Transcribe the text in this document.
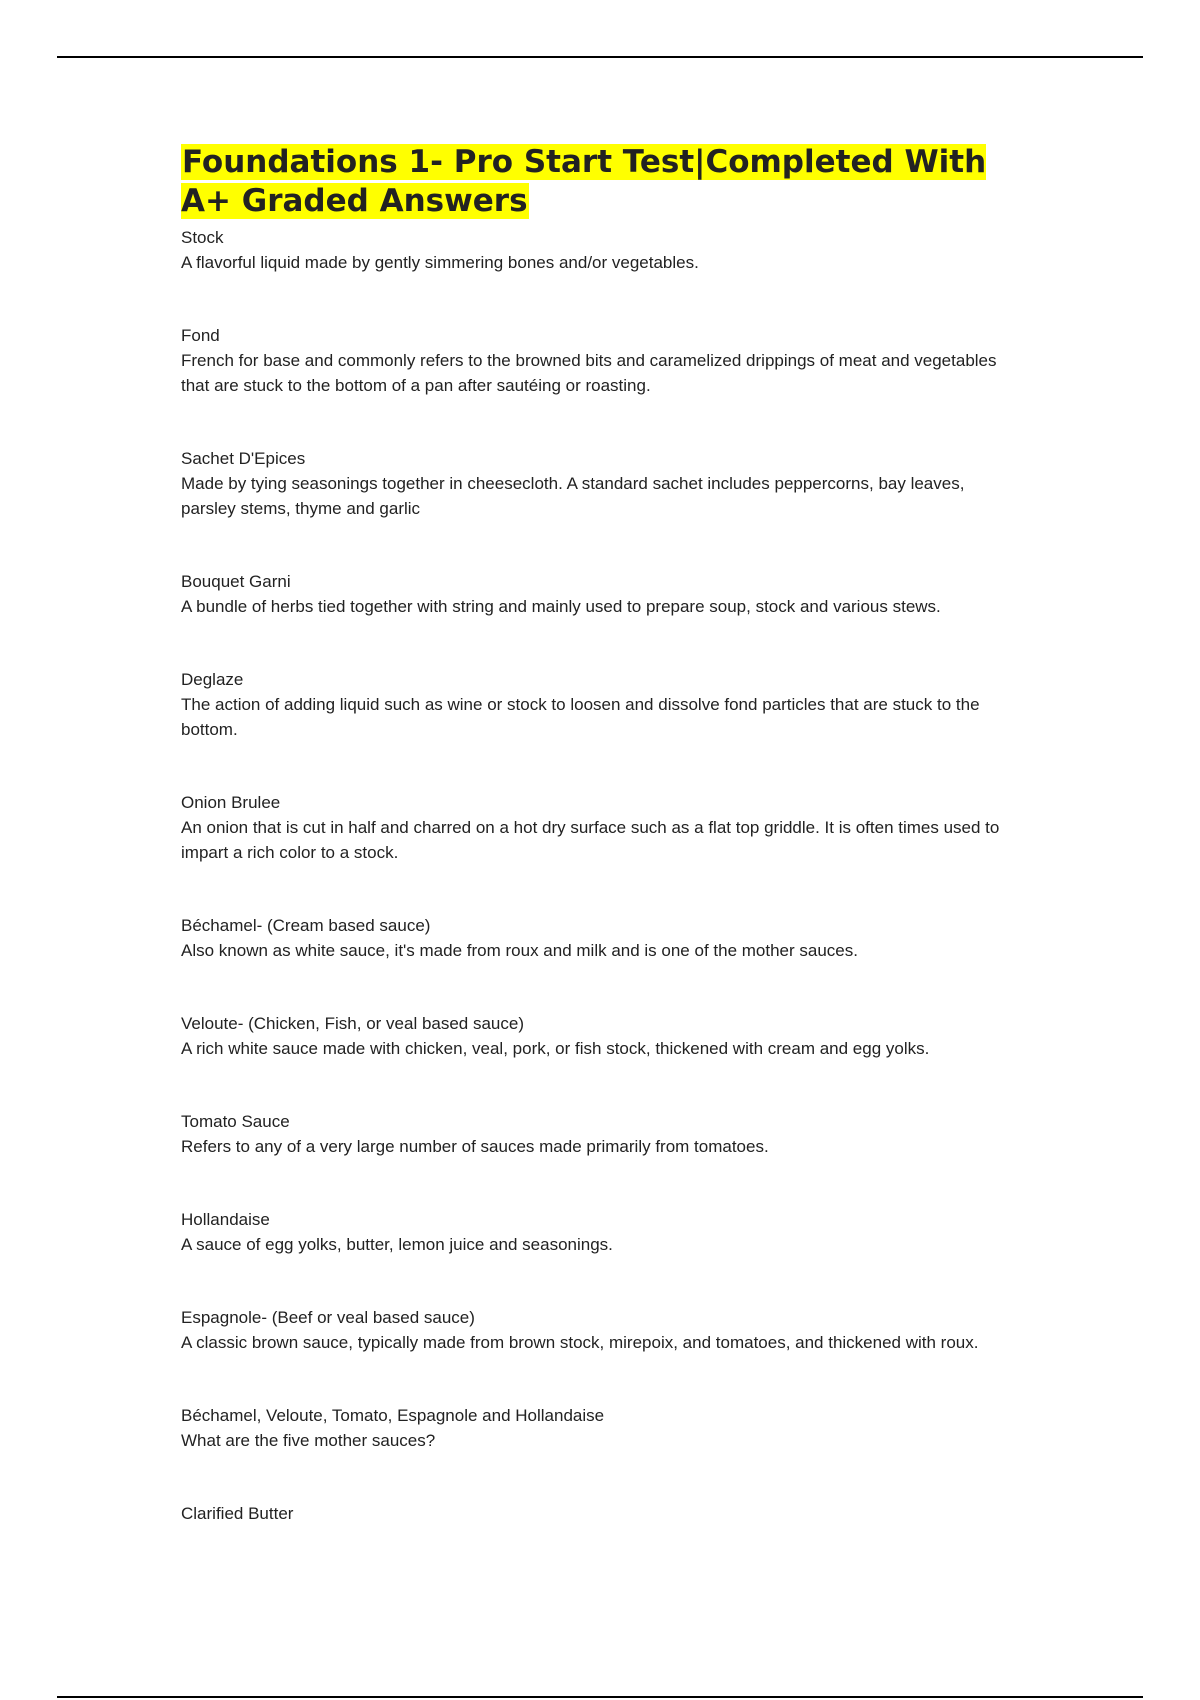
Foundations 1- Pro Start Test|Completed With A+ Graded Answers
Stock
A flavorful liquid made by gently simmering bones and/or vegetables.
Fond
French for base and commonly refers to the browned bits and caramelized drippings of meat and vegetables that are stuck to the bottom of a pan after sautéing or roasting.
Sachet D'Epices
Made by tying seasonings together in cheesecloth. A standard sachet includes peppercorns, bay leaves, parsley stems, thyme and garlic
Bouquet Garni
A bundle of herbs tied together with string and mainly used to prepare soup, stock and various stews.
Deglaze
The action of adding liquid such as wine or stock to loosen and dissolve fond particles that are stuck to the bottom.
Onion Brulee
An onion that is cut in half and charred on a hot dry surface such as a flat top griddle. It is often times used to impart a rich color to a stock.
Béchamel- (Cream based sauce)
Also known as white sauce, it's made from roux and milk and is one of the mother sauces.
Veloute- (Chicken, Fish, or veal based sauce)
A rich white sauce made with chicken, veal, pork, or fish stock, thickened with cream and egg yolks.
Tomato Sauce
Refers to any of a very large number of sauces made primarily from tomatoes.
Hollandaise
A sauce of egg yolks, butter, lemon juice and seasonings.
Espagnole- (Beef or veal based sauce)
A classic brown sauce, typically made from brown stock, mirepoix, and tomatoes, and thickened with roux.
Béchamel, Veloute, Tomato, Espagnole and Hollandaise
What are the five mother sauces?
Clarified Butter
